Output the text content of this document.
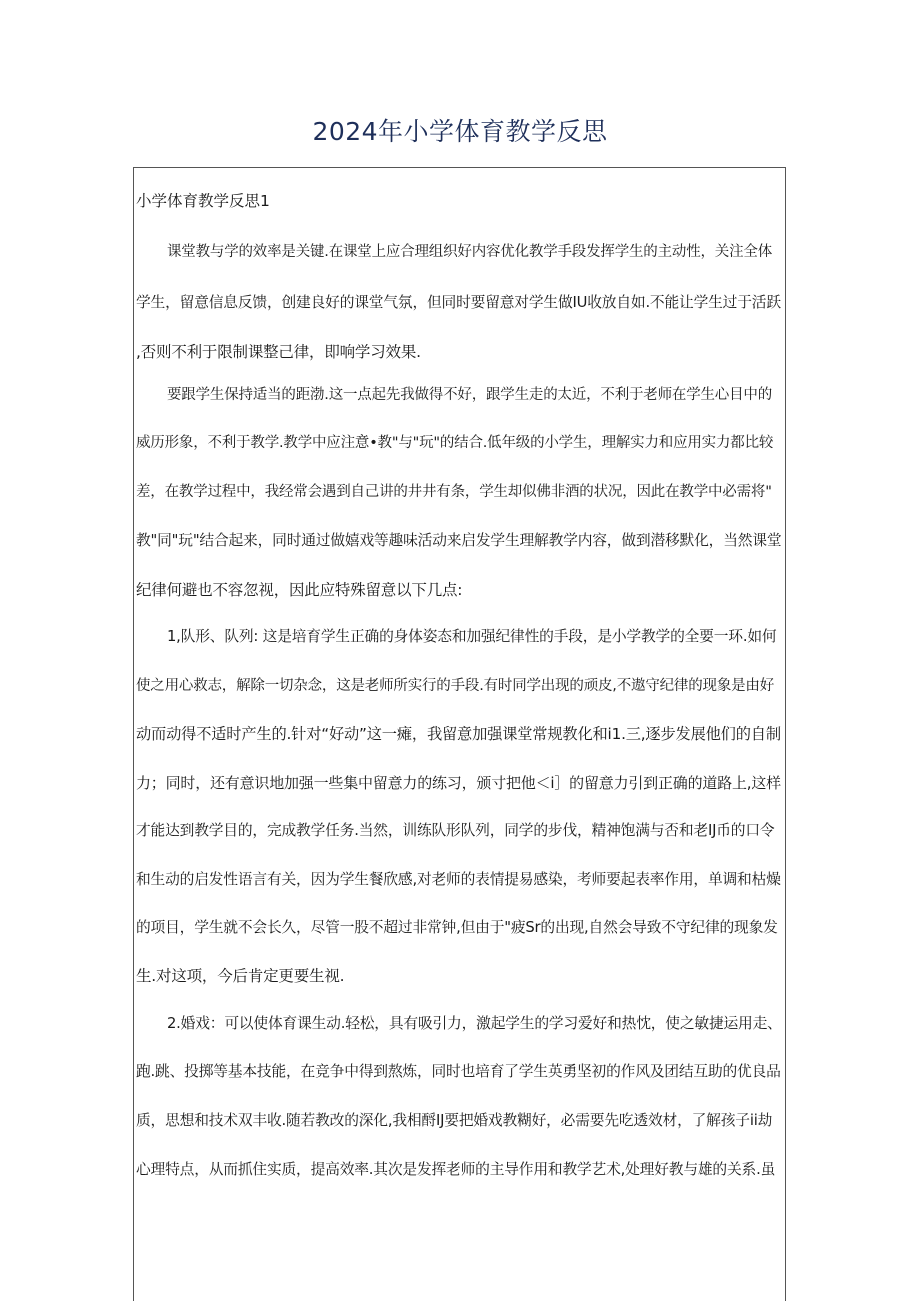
2024年小学体育教学反思
小学体育教学反思1
课堂教与学的效率是关键.在课堂上应合理组织好内容优化教学手段发挥学生的主动性，关注全体
学生，留意信息反馈，创建良好的课堂气氛，但同时要留意对学生做IU收放自如.不能让学生过于活跃
,否则不利于限制课整己律，即响学习效果.
要跟学生保持适当的距渤.这一点起先我做得不好，跟学生走的太近，不利于老师在学生心目中的
威历形象，不利于教学.教学中应注意•教"与"玩"的结合.低年级的小学生，理解实力和应用实力都比较
差，在教学过程中，我经常会遇到自己讲的井井有条，学生却似佛非酒的状况，因此在教学中必需将"
教"同"玩"结合起来，同时通过做嬉戏等趣味活动来启发学生理解教学内容，做到潜移默化，当然课堂
纪律何避也不容忽视，因此应特殊留意以下几点:
1,队形、队列: 这是培育学生正确的身体姿态和加强纪律性的手段，是小学教学的全要一环.如何
使之用心救志，解除一切杂念，这是老师所实行的手段.有时同学出现的顽皮,不遨守纪律的现象是由好
动而动得不适时产生的.针对“好动”这一瘫，我留意加强课堂常规教化和i1.三,逐步发展他们的自制
力；同时，还有意识地加强一些集中留意力的练习，颁寸把他＜i］的留意力引到正确的道路上,这样
才能达到教学目的，完成教学任务.当然，训练队形队列，同学的步伐，精神饱满与否和老IJ币的口令
和生动的启发性语言有关，因为学生餐欣感,对老师的表情提易感染，考师要起表率作用，单调和枯燥
的项目，学生就不会长久，尽管一股不超过非常钟,但由于"疲Sr的出现,自然会导致不守纪律的现象发
生.对这项，今后肯定更要生视.
2.婚戏：可以使体育课生动.轻松，具有吸引力，激起学生的学习爱好和热忱，使之敏捷运用走、
跑.跳、投掷等基本技能，在竞争中得到熬炼，同时也培育了学生英勇坚初的作风及团结互助的优良品
质，思想和技术双丰收.随若教改的深化,我相酹IJ要把婚戏教糊好，必需要先吃透效材，了解孩子ii劫
心理特点，从而抓住实质，提高效率.其次是发挥老师的主导作用和教学艺术,处理好教与雄的关系.虽
